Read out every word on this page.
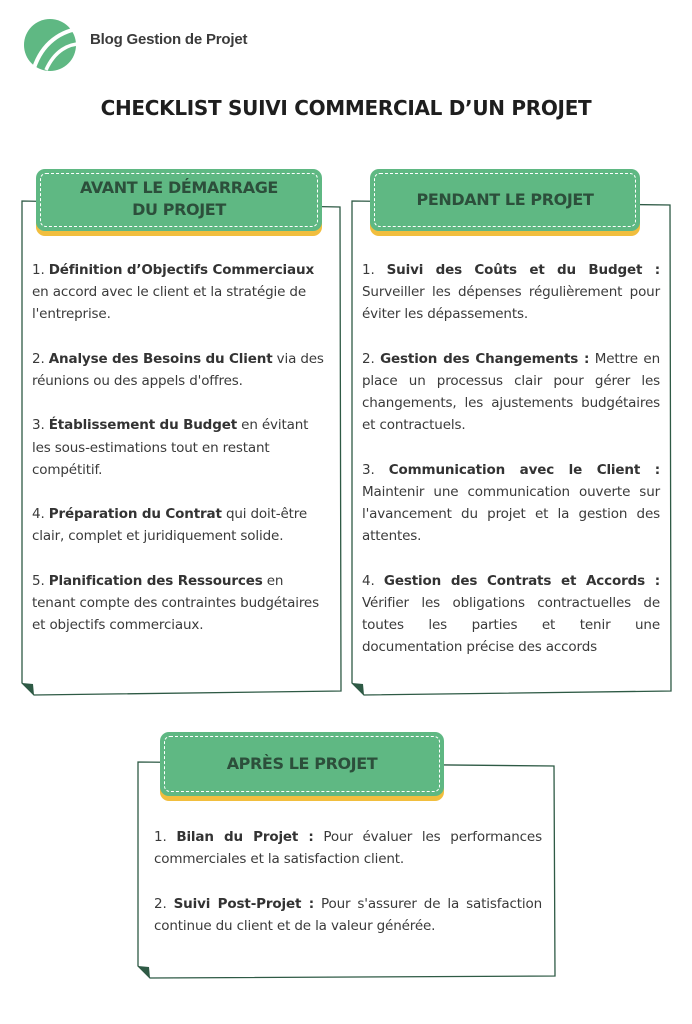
Blog Gestion de Projet
CHECKLIST SUIVI COMMERCIAL D’UN PROJET
AVANT LE DÉMARRAGE
DU PROJET

1. Définition d’Objectifs Commerciaux en accord avec le client et la stratégie de l'entreprise.

2. Analyse des Besoins du Client via des réunions ou des appels d'offres.

3. Établissement du Budget en évitant les sous-estimations tout en restant compétitif.

4. Préparation du Contrat qui doit-être clair, complet et juridiquement solide.

5. Planification des Ressources en tenant compte des contraintes budgétaires et objectifs commerciaux.

PENDANT LE PROJET

1. Suivi des Coûts et du Budget : Surveiller les dépenses régulièrement pour éviter les dépassements.

2. Gestion des Changements : Mettre en place un processus clair pour gérer les changements, les ajustements budgétaires et contractuels.

3. Communication avec le Client : Maintenir une communication ouverte sur l'avancement du projet et la gestion des attentes.

4. Gestion des Contrats et Accords : Vérifier les obligations contractuelles de toutes les parties et tenir une documentation précise des accords

APRÈS LE PROJET

1. Bilan du Projet : Pour évaluer les performances commerciales et la satisfaction client.

2. Suivi Post-Projet : Pour s'assurer de la satisfaction continue du client et de la valeur générée.
